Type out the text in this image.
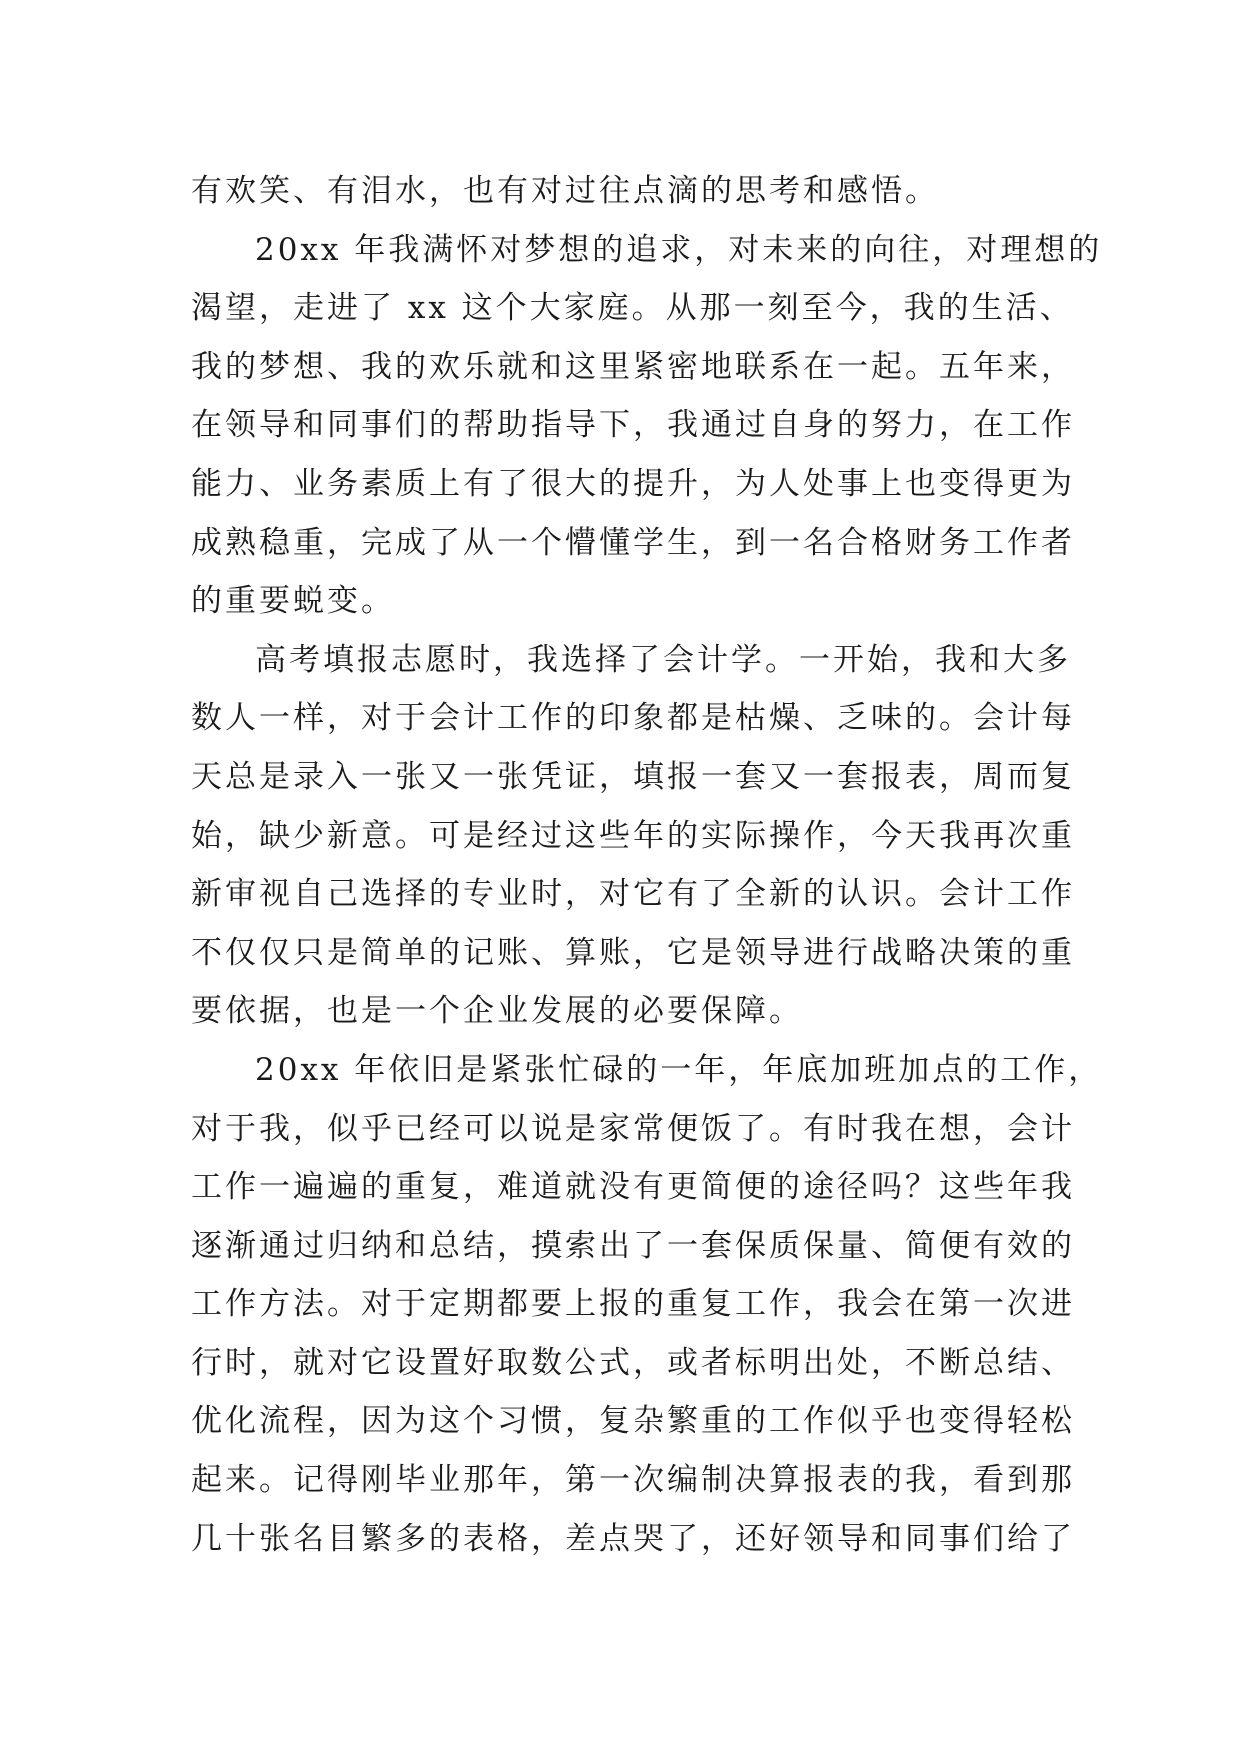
有欢笑、有泪水，也有对过往点滴的思考和感悟。
20xx 年我满怀对梦想的追求，对未来的向往，对理想的
渴望，走进了 xx 这个大家庭。从那一刻至今，我的生活、
我的梦想、我的欢乐就和这里紧密地联系在一起。五年来，
在领导和同事们的帮助指导下，我通过自身的努力，在工作
能力、业务素质上有了很大的提升，为人处事上也变得更为
成熟稳重，完成了从一个懵懂学生，到一名合格财务工作者
的重要蜕变。
高考填报志愿时，我选择了会计学。一开始，我和大多
数人一样，对于会计工作的印象都是枯燥、乏味的。会计每
天总是录入一张又一张凭证，填报一套又一套报表，周而复
始，缺少新意。可是经过这些年的实际操作，今天我再次重
新审视自己选择的专业时，对它有了全新的认识。会计工作
不仅仅只是简单的记账、算账，它是领导进行战略决策的重
要依据，也是一个企业发展的必要保障。
20xx 年依旧是紧张忙碌的一年，年底加班加点的工作，
对于我，似乎已经可以说是家常便饭了。有时我在想，会计
工作一遍遍的重复，难道就没有更简便的途径吗？这些年我
逐渐通过归纳和总结，摸索出了一套保质保量、简便有效的
工作方法。对于定期都要上报的重复工作，我会在第一次进
行时，就对它设置好取数公式，或者标明出处，不断总结、
优化流程，因为这个习惯，复杂繁重的工作似乎也变得轻松
起来。记得刚毕业那年，第一次编制决算报表的我，看到那
几十张名目繁多的表格，差点哭了，还好领导和同事们给了
